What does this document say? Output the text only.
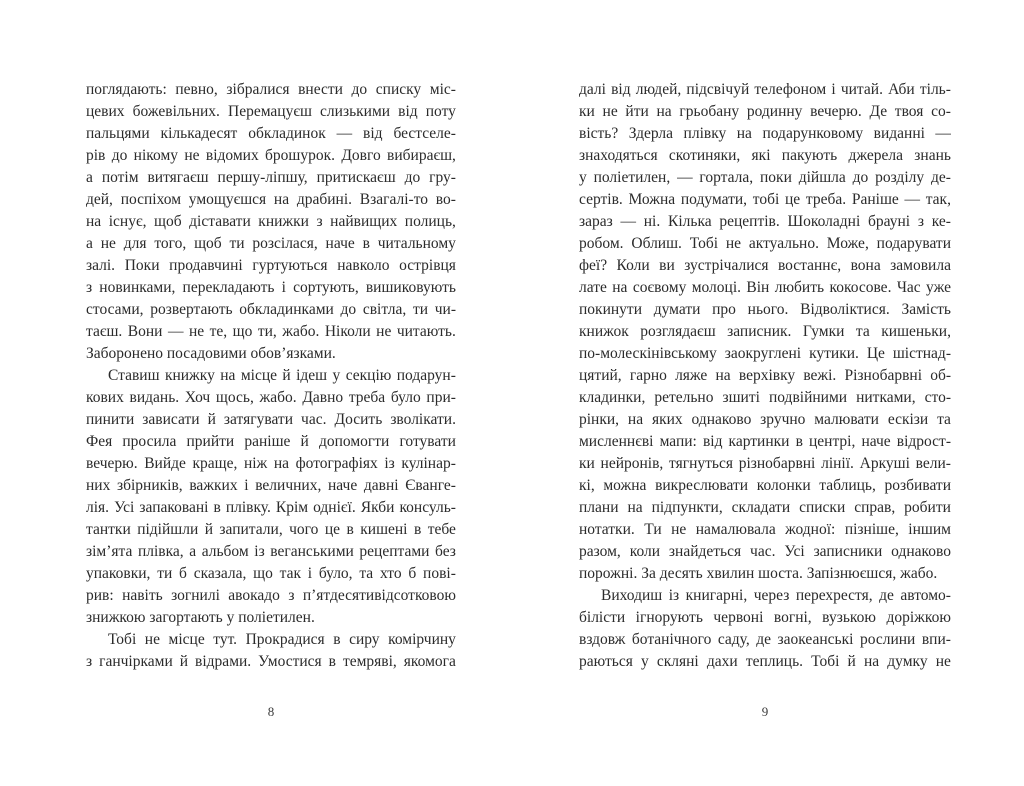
поглядають: певно, зібралися внести до списку міс-
цевих божевільних. Перемацуєш слизькими від поту
пальцями кількадесят обкладинок — від бестселе-
рів до нікому не відомих брошурок. Довго вибираєш,
а потім витягаєш першу-ліпшу, притискаєш до гру-
дей, поспіхом умощуєшся на драбині. Взагалі-то во-
на існує, щоб діставати книжки з найвищих полиць,
а не для того, щоб ти розсілася, наче в читальному
залі. Поки продавчині гуртуються навколо острівця
з новинками, перекладають і сортують, вишиковують
стосами, розвертають обкладинками до світла, ти чи-
таєш. Вони — не те, що ти, жабо. Ніколи не читають.
Заборонено посадовими обов’язками.
Ставиш книжку на місце й ідеш у секцію подарун-
кових видань. Хоч щось, жабо. Давно треба було при-
пинити зависати й затягувати час. Досить зволікати.
Фея просила прийти раніше й допомогти готувати
вечерю. Вийде краще, ніж на фотографіях із кулінар-
них збірників, важких і величних, наче давні Єванге-
лія. Усі запаковані в плівку. Крім однієї. Якби консуль-
тантки підійшли й запитали, чого це в кишені в тебе
зім’ята плівка, а альбом із веганськими рецептами без
упаковки, ти б сказала, що так і було, та хто б пові-
рив: навіть зогнилі авокадо з п’ятдесятивідсотковою
знижкою загортають у поліетилен.
Тобі не місце тут. Прокрадися в сиру комірчину
з ганчірками й відрами. Умостися в темряві, якомога
далі від людей, підсвічуй телефоном і читай. Аби тіль-
ки не йти на грьобану родинну вечерю. Де твоя со-
вість? Здерла плівку на подарунковому виданні —
знаходяться скотиняки, які пакують джерела знань
у поліетилен, — гортала, поки дійшла до розділу де-
сертів. Можна подумати, тобі це треба. Раніше — так,
зараз — ні. Кілька рецептів. Шоколадні брауні з ке-
робом. Облиш. Тобі не актуально. Може, подарувати
феї? Коли ви зустрічалися востаннє, вона замовила
лате на соєвому молоці. Він любить кокосове. Час уже
покинути думати про нього. Відволіктися. Замість
книжок розглядаєш записник. Гумки та кишеньки,
по-молескінівському заокруглені кутики. Це шістнад-
цятий, гарно ляже на верхівку вежі. Різнобарвні об-
кладинки, ретельно зшиті подвійними нитками, сто-
рінки, на яких однаково зручно малювати ескізи та
мисленнєві мапи: від картинки в центрі, наче відрост-
ки нейронів, тягнуться різнобарвні лінії. Аркуші вели-
кі, можна викреслювати колонки таблиць, розбивати
плани на підпункти, складати списки справ, робити
нотатки. Ти не намалювала жодної: пізніше, іншим
разом, коли знайдеться час. Усі записники однаково
порожні. За десять хвилин шоста. Запізнюєшся, жабо.
Виходиш із книгарні, через перехрестя, де автомо-
білісти ігнорують червоні вогні, вузькою доріжкою
вздовж ботанічного саду, де заокеанські рослини впи-
раються у скляні дахи теплиць. Тобі й на думку не
8	9
